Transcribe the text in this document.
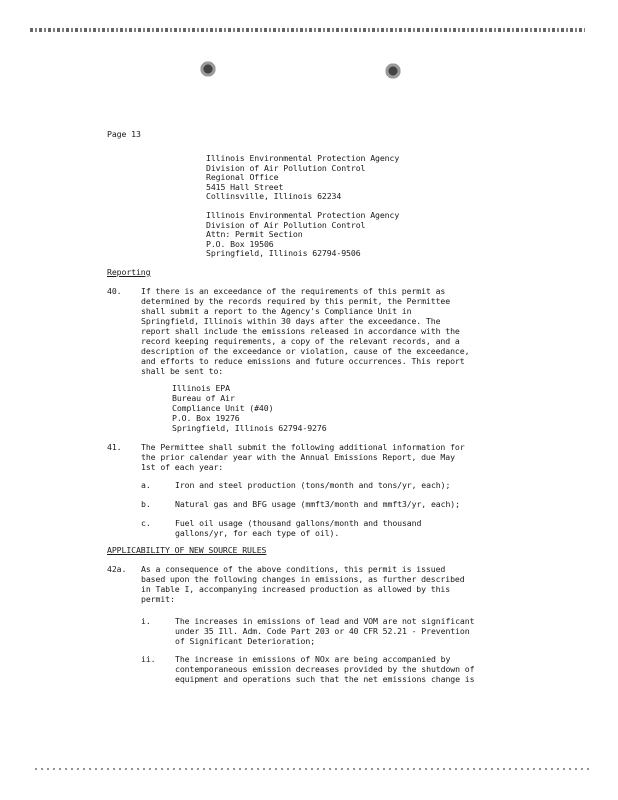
Page 13
Illinois Environmental Protection Agency
Division of Air Pollution Control
Regional Office
5415 Hall Street
Collinsville, Illinois 62234
Illinois Environmental Protection Agency
Division of Air Pollution Control
Attn: Permit Section
P.O. Box 19506
Springfield, Illinois 62794-9506
Reporting
40. If there is an exceedance of the requirements of this permit as
determined by the records required by this permit, the Permittee
shall submit a report to the Agency's Compliance Unit in
Springfield, Illinois within 30 days after the exceedance. The
report shall include the emissions released in accordance with the
record keeping requirements, a copy of the relevant records, and a
description of the exceedance or violation, cause of the exceedance,
and efforts to reduce emissions and future occurrences. This report
shall be sent to:
Illinois EPA
Bureau of Air
Compliance Unit (#40)
P.O. Box 19276
Springfield, Illinois 62794-9276
41. The Permittee shall submit the following additional information for
the prior calendar year with the Annual Emissions Report, due May
1st of each year:
a.	Iron and steel production (tons/month and tons/yr, each);
b.	Natural gas and BFG usage (mmft3/month and mmft3/yr, each);
c.	Fuel oil usage (thousand gallons/month and thousand
gallons/yr, for each type of oil).
APPLICABILITY OF NEW SOURCE RULES
42a. As a consequence of the above conditions, this permit is issued
based upon the following changes in emissions, as further described
in Table I, accompanying increased production as allowed by this
permit:
i.	The increases in emissions of lead and VOM are not significant
under 35 Ill. Adm. Code Part 203 or 40 CFR 52.21 - Prevention
of Significant Deterioration;
ii. The increase in emissions of NOx are being accompanied by
contemporaneous emission decreases provided by the shutdown of
equipment and operations such that the net emissions change is
